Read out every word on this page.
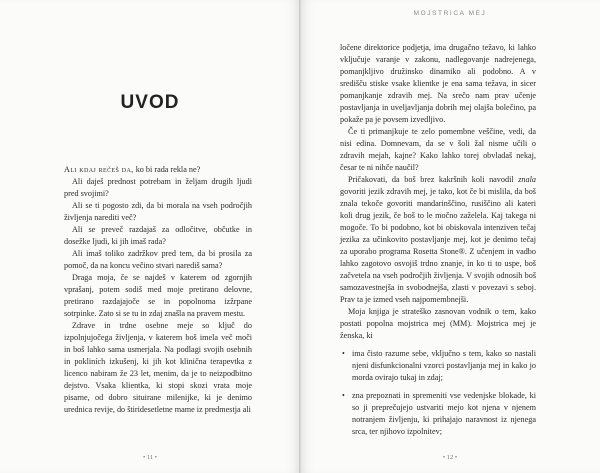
UVOD

Ali kdaj rečeš da, ko bi rada rekla ne?

Ali daješ prednost potrebam in željam drugih ljudi pred svojimi?

Ali se ti pogosto zdi, da bi morala na vseh področjih življenja narediti več?

Ali se preveč razdajaš za odločitve, občutke in dosežke ljudi, ki jih imaš rada?

Ali imaš toliko zadržkov pred tem, da bi prosila za pomoč, da na koncu večino stvari narediš sama?

Draga moja, če se najdeš v katerem od zgornjih vprašanj, potem sodiš med moje pretirano delovne, pretirano razdajajoče se in popolnoma izžrpane sotrpinke. Zato si se tu in zdaj znašla na pravem mestu.

Zdrave in trdne osebne meje so ključ do izpolnjujočega življenja, v katerem boš imela več moči in boš lahko sama usmerjala. Na podlagi svojih osebnih in pokliních izkušenj, ki jih kot klinična terapevtka z licenco nabiram že 23 let, menim, da je to neizpodbitno dejstvo. Vsaka klientka, ki stopi skozi vrata moje pisarne, od dobro situirane milenijke, ki je denimo urednica revije, do štiridesetletne mame iz predmestja ali

• 11 •
MOJSTRICA MEJ

ločene direktorice podjetja, ima drugačno težavo, ki lahko vključuje varanje v zakonu, nadlegovanje nadrejenega, pomanjkljivo družinsko dinamiko ali podobno. A v središču stiske vsake klientke je ena sama težava, in sicer pomanjkanje zdravih mej. Na srečo nam prav učenje postavljanja in uveljavljanja dobrih mej olajša bolečino, pa pokaže pa je povsem izvedljivo.

Če ti primanjkuje te zelo pomembne veščine, vedi, da nisi edina. Domnevam, da se v šoli žal nisme učili o zdravih mejah, kajne? Kako lahko torej obvladaš nekaj, česar te ni nihče naučil?

Pričakovati, da boš brez kakršnih koli navodil znala govoriti jezik zdravih mej, je tako, kot če bi mislila, da boš znala tekoče govoriti mandarinščino, rusiščino ali kateri koli drug jezik, če boš to le močno zaželela. Kaj takega ni mogoče. To bi podobno, kot bi obiskovala intenziven tečaj jezika za učinkovito postavljanje mej, kot je denimo tečaj za uporabo programa Rosetta Stone®. Z učenjem in vadbo lahko zagotovo osvojiš trdno znanje, in ko ti to uspe, boš začvetela na vseh področjih življenja. V svojih odnosih boš samozavestnejša in svobodnejša, zlasti v povezavi s seboj. Prav ta je izmed vseh najpomembnejši.

Moja knjiga je strateško zasnovan vodnik o tem, kako postati popolna mojstrica mej (MM). Mojstrica mej je ženska, ki

• ima čisto razume sebe, vključno s tem, kako so nastali njeni disfunkcionalni vzorci postavljanja mej in kako jo morda ovirajo tukaj in zdaj;
• zna prepoznati in spremeniti vse vedenjske blokade, ki so ji preprečujejo ustvariti mejo kot njena v njenem notranjem življenju, ki prihajajo naravnost iz njenega srca, ter njihovo izpolnitev;
• 12 •
